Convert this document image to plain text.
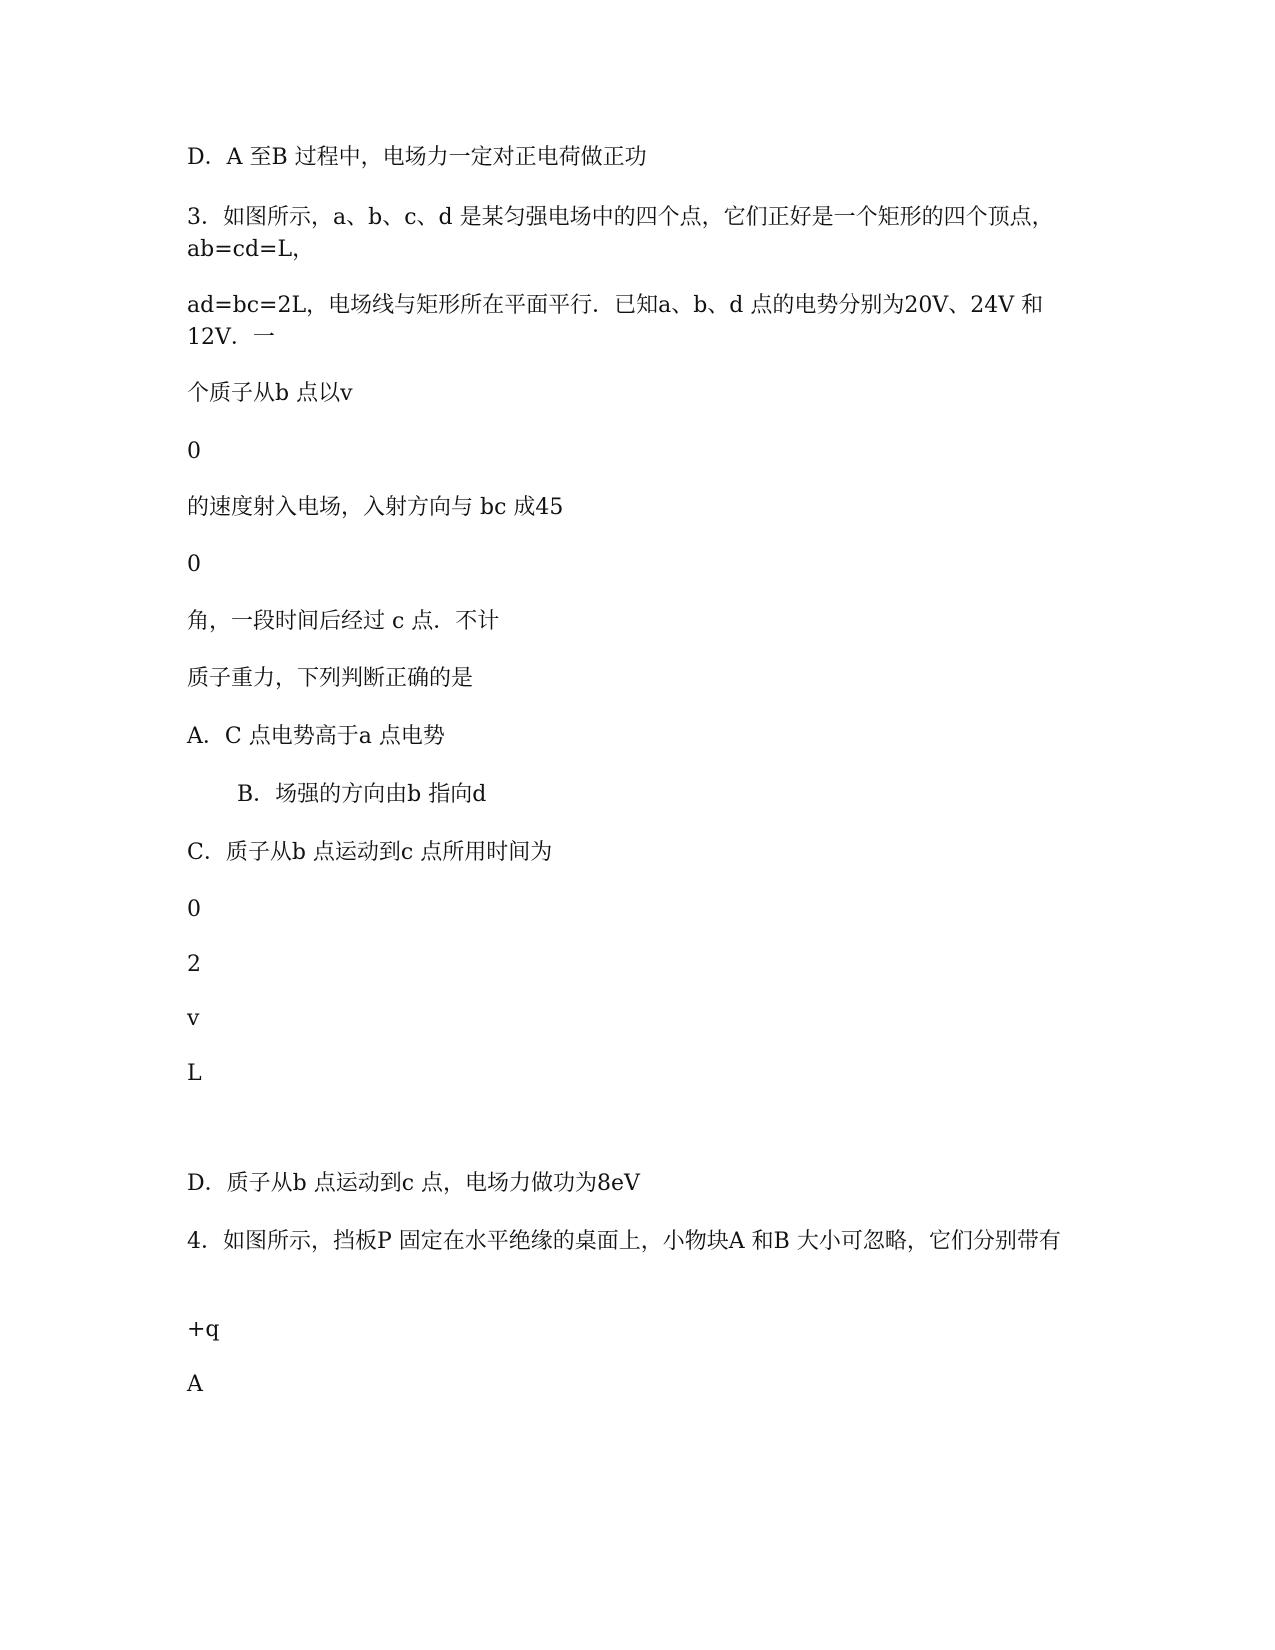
D．A 至B 过程中，电场力一定对正电荷做正功
3．如图所示，a、b、c、d 是某匀强电场中的四个点，它们正好是一个矩形的四个顶点，ab=cd=L，
ad=bc=2L，电场线与矩形所在平面平行．已知a、b、d 点的电势分别为20V、24V 和12V．一
个质子从b 点以v
0
的速度射入电场，入射方向与 bc 成45
0
角，一段时间后经过 c 点．不计
质子重力，下列判断正确的是
A．C 点电势高于a 点电势
B．场强的方向由b 指向d
C．质子从b 点运动到c 点所用时间为
0
2
v
L
D．质子从b 点运动到c 点，电场力做功为8eV
4．如图所示，挡板P 固定在水平绝缘的桌面上，小物块A 和B 大小可忽略，它们分别带有
+q
A
